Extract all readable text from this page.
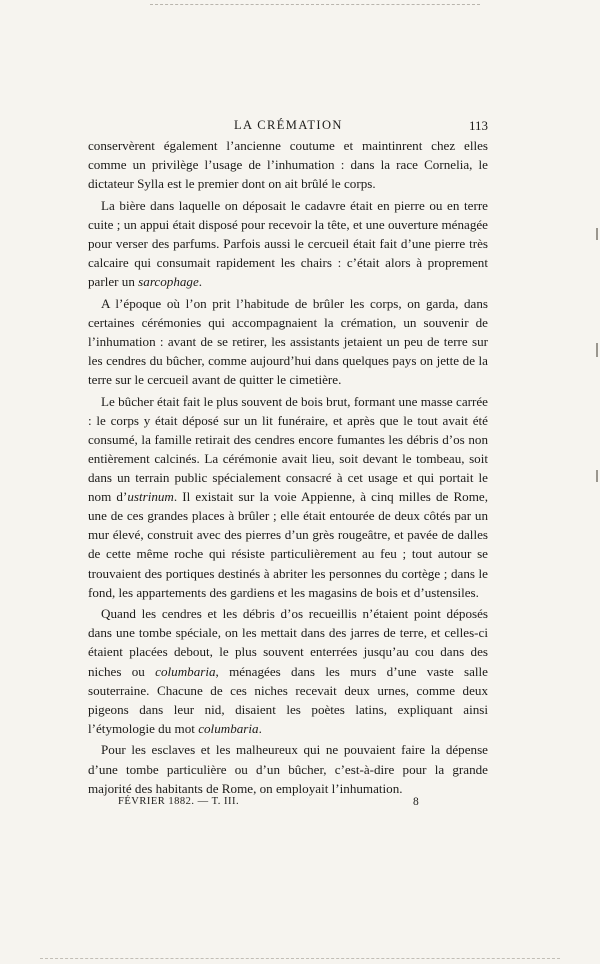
LA CRÉMATION	113

conservèrent également l’ancienne coutume et maintinrent chez elles comme un privilège l’usage de l’inhumation : dans la race Cornelia, le dictateur Sylla est le premier dont on ait brûlé le corps.

La bière dans laquelle on déposait le cadavre était en pierre ou en terre cuite ; un appui était disposé pour recevoir la tête, et une ouverture ménagée pour verser des parfums. Parfois aussi le cercueil était fait d’une pierre très calcaire qui consumait rapidement les chairs : c’était alors à proprement parler un sarcophage.

A l’époque où l’on prit l’habitude de brûler les corps, on garda, dans certaines cérémonies qui accompagnaient la crémation, un souvenir de l’inhumation : avant de se retirer, les assistants jetaient un peu de terre sur les cendres du bûcher, comme aujourd’hui dans quelques pays on jette de la terre sur le cercueil avant de quitter le cimetière.

Le bûcher était fait le plus souvent de bois brut, formant une masse carrée : le corps y était déposé sur un lit funéraire, et après que le tout avait été consumé, la famille retirait des cendres encore fumantes les débris d’os non entièrement calcinés. La cérémonie avait lieu, soit devant le tombeau, soit dans un terrain public spécialement consacré à cet usage et qui portait le nom d’ustrinum. Il existait sur la voie Appienne, à cinq milles de Rome, une de ces grandes places à brûler ; elle était entourée de deux côtés par un mur élevé, construit avec des pierres d’un grès rougeâtre, et pavée de dalles de cette même roche qui résiste particulièrement au feu ; tout autour se trouvaient des portiques destinés à abriter les personnes du cortège ; dans le fond, les appartements des gardiens et les magasins de bois et d’ustensiles.

Quand les cendres et les débris d’os recueillis n’étaient point déposés dans une tombe spéciale, on les mettait dans des jarres de terre, et celles-ci étaient placées debout, le plus souvent enterrées jusqu’au cou dans des niches ou columbaria, ménagées dans les murs d’une vaste salle souterraine. Chacune de ces niches recevait deux urnes, comme deux pigeons dans leur nid, disaient les poètes latins, expliquant ainsi l’étymologie du mot columbaria.

Pour les esclaves et les malheureux qui ne pouvaient faire la dépense d’une tombe particulière ou d’un bûcher, c’est-à-dire pour la grande majorité des habitants de Rome, on employait l’inhumation.

FÉVRIER 1882. — T. III.	8
